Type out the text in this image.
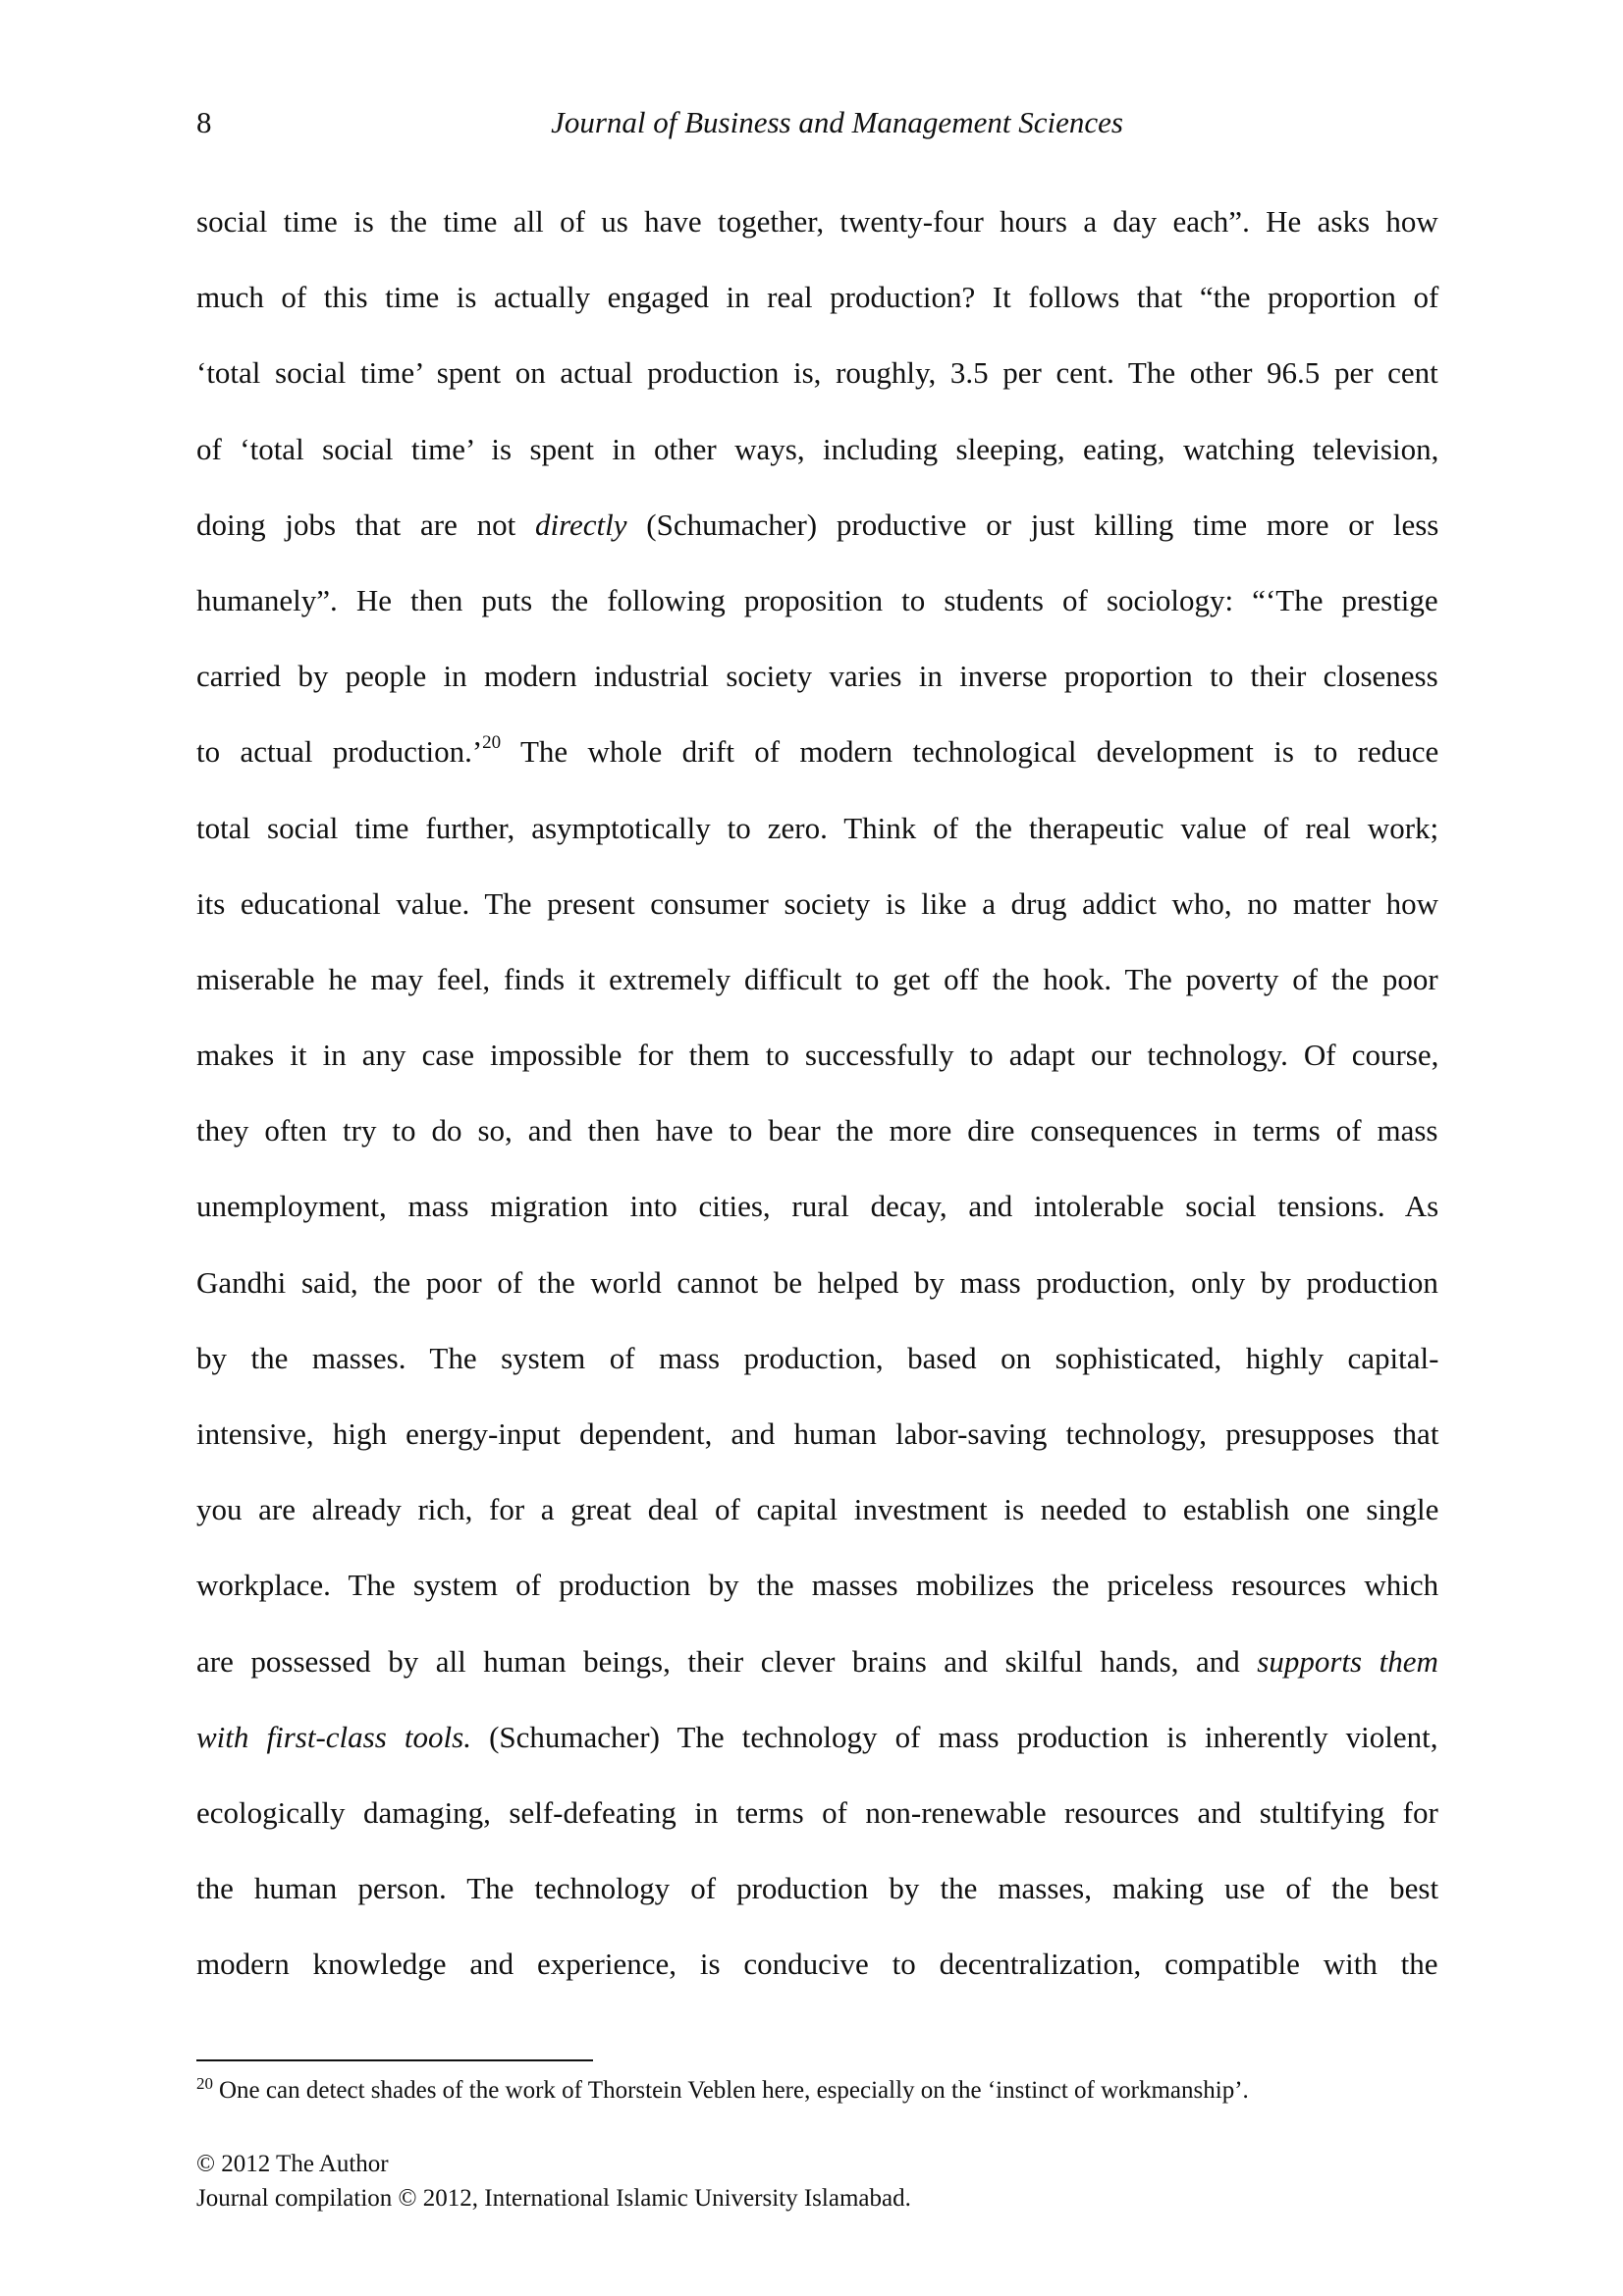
8	Journal of Business and Management Sciences
social time is the time all of us have together, twenty-four hours a day each”. He asks how
much of this time is actually engaged in real production? It follows that “the proportion of
‘total social time’ spent on actual production is, roughly, 3.5 per cent. The other 96.5 per cent
of ‘total social time’ is spent in other ways, including sleeping, eating, watching television,
doing jobs that are not directly (Schumacher) productive or just killing time more or less
humanely”. He then puts the following proposition to students of sociology: “‘The prestige
carried by people in modern industrial society varies in inverse proportion to their closeness
to actual production.’$^{20}$ The whole drift of modern technological development is to reduce
total social time further, asymptotically to zero. Think of the therapeutic value of real work;
its educational value. The present consumer society is like a drug addict who, no matter how
miserable he may feel, finds it extremely difficult to get off the hook. The poverty of the poor
makes it in any case impossible for them to successfully to adapt our technology. Of course,
they often try to do so, and then have to bear the more dire consequences in terms of mass
unemployment, mass migration into cities, rural decay, and intolerable social tensions. As
Gandhi said, the poor of the world cannot be helped by mass production, only by production
by the masses. The system of mass production, based on sophisticated, highly capital-
intensive, high energy-input dependent, and human labor-saving technology, presupposes that
you are already rich, for a great deal of capital investment is needed to establish one single
workplace. The system of production by the masses mobilizes the priceless resources which
are possessed by all human beings, their clever brains and skilful hands, and supports them
with first-class tools. (Schumacher) The technology of mass production is inherently violent,
ecologically damaging, self-defeating in terms of non-renewable resources and stultifying for
the human person. The technology of production by the masses, making use of the best
modern knowledge and experience, is conducive to decentralization, compatible with the
$^{20}$ One can detect shades of the work of Thorstein Veblen here, especially on the ‘instinct of workmanship’.
© 2012 The Author
Journal compilation © 2012, International Islamic University Islamabad.
